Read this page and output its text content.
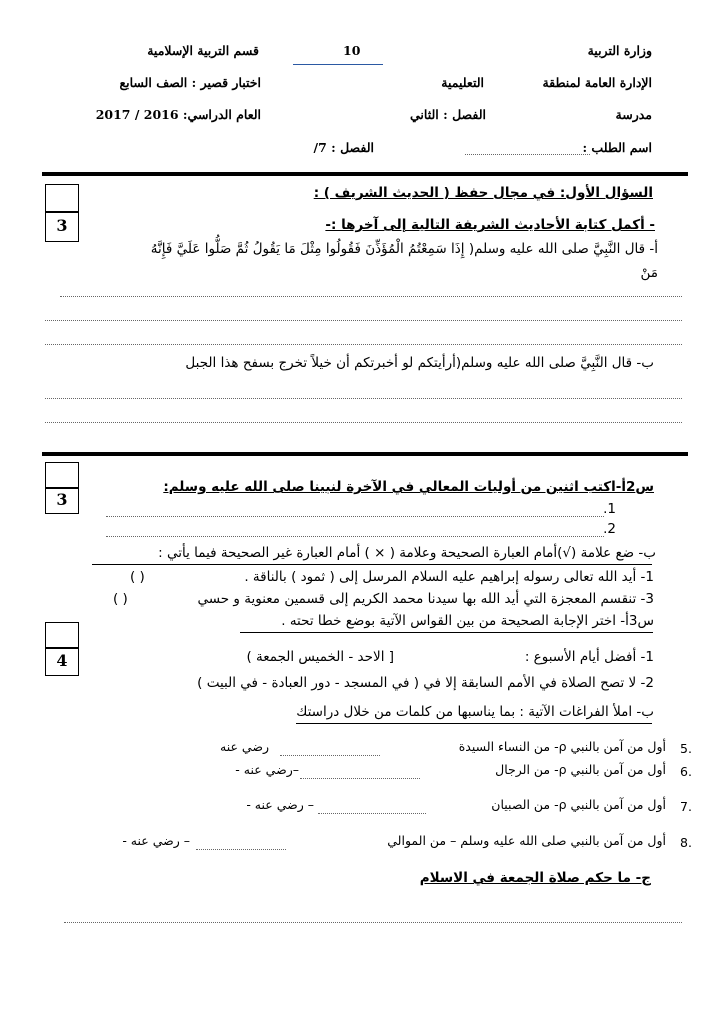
وزارة التربية
10
قسم التربية الإسلامية
الإدارة العامة لمنطقة
التعليمية
اختبار قصير : الصف السابع
مدرسة
الفصل : الثاني
العام الدراسي: 2016 / 2017
اسم الطلب :
الفصل : 7/
3
السؤال الأول: في مجال حفظ ( الحديث الشريف ) :
- أكمل كتابة الأحاديث الشريفة التالية إلى آخرها :-
أ- قال النَّبِيَّ صلى الله عليه وسلم( إِذَا سَمِعْتُمُ الْمُؤَذِّنَ فَقُولُوا مِثْلَ مَا يَقُولُ ثُمَّ صَلُّوا عَلَيَّ فَإِنَّهُ
مَنْ
ب- قال النَّبِيَّ صلى الله عليه وسلم(أرأيتكم لو أخبرتكم أن خيلاً تخرج بسفح هذا الجبل
3
س2أ-اكتب اثنين من أوليات المعالي في الآخرة لنبينا صلى الله عليه وسلم:
.1
.2
ب- ضع علامة (√)أمام العبارة الصحيحة وعلامة ( × ) أمام العبارة غير الصحيحة فيما يأتي :
1- أيد الله تعالى رسوله إبراهيم عليه السلام المرسل إلى ( ثمود ) بالناقة .
( )
3- تنقسم المعجزة التي أيد الله بها سيدنا محمد الكريم إلى قسمين معنوية و حسي
( )
4
س3أ- اختر الإجابة الصحيحة من بين القواس الآتية بوضع خطا تحته .
1- أفضل أيام الأسبوع :
[ الاحد - الخميس الجمعة )
2- لا تصح الصلاة في الأمم السابقة إلا في ( في المسجد - دور العبادة - في البيت )
ب- املأ الفراغات الآتية : بما يناسبها من كلمات من خلال دراستك
5.
أول من آمن بالنبي ρ- من النساء السيدة
رضي عنه
6.
أول من آمن بالنبي ρ- من الرجال
–رضي عنه -
7.
أول من آمن بالنبي ρ- من الصبيان
– رضي عنه -
8.
أول من آمن بالنبي صلى الله عليه وسلم – من الموالي
– رضي عنه -
ج- ما حكم صلاة الجمعة في الاسلام
